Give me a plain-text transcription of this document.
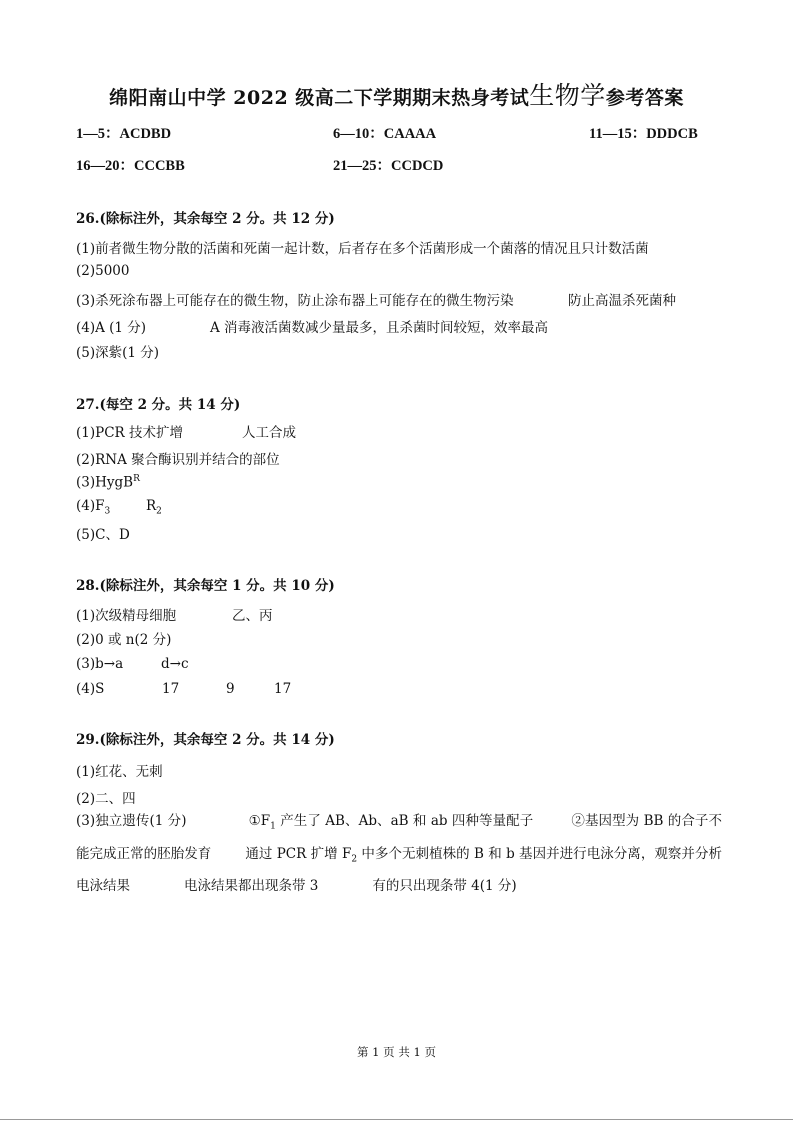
绵阳南山中学 2022 级高二下学期期末热身考试生物学参考答案
1—5：ACDBD	6—10：CAAAA	11—15：DDDCB
16—20：CCCBB	21—25：CCDCD
26.(除标注外，其余每空 2 分。共 12 分)
(1)前者微生物分散的活菌和死菌一起计数，后者存在多个活菌形成一个菌落的情况且只计数活菌
(2)5000
(3)杀死涂布器上可能存在的微生物，防止涂布器上可能存在的微生物污染	防止高温杀死菌种
(4)A (1 分)	A 消毒液活菌数减少量最多，且杀菌时间较短，效率最高
(5)深紫(1 分)
27.(每空 2 分。共 14 分)
(1)PCR 技术扩增	人工合成
(2)RNA 聚合酶识别并结合的部位
(3)HygB$^R$
$(4)F_3$	$R_2$
(5)C、D
28.(除标注外，其余每空 1 分。共 10 分)
(1)次级精母细胞	乙、丙
(2)0 或 n(2 分)
(3)b→a	d→c
(4)S	17	9	17
29.(除标注外，其余每空 2 分。共 14 分)
(1)红花、无刺
(2)二、四
(3)独立遗传(1 分)	$①F_1$ 产生了 AB、Ab、aB 和 ab 四种等量配子	②基因型为 BB 的合子不能完成正常的胚胎发育	通过 PCR 扩增 $F_2$ 中多个无刺植株的 B 和 b 基因并进行电泳分离，观察并分析电泳结果	电泳结果都出现条带 3	有的只出现条带 4(1 分)
第 1 页 共 1 页
